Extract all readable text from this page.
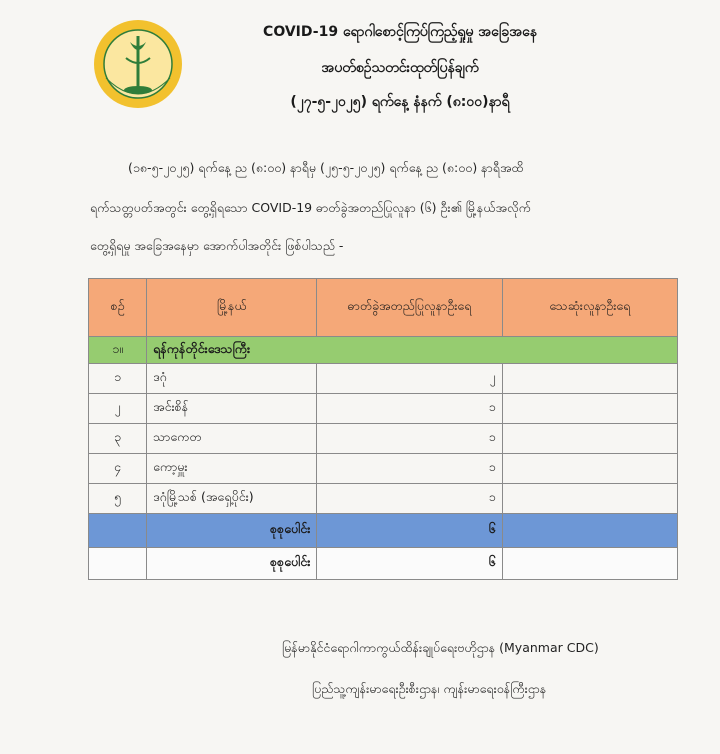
COVID-19 ရောဂါစောင့်ကြပ်ကြည့်ရှုမှု အခြေအနေ
အပတ်စဉ်သတင်းထုတ်ပြန်ချက်
(၂၇-၅-၂၀၂၅) ရက်နေ့ နံနက် (၈:၀၀)နာရီ
(၁၈-၅-၂၀၂၅) ရက်နေ့ ည (၈:၀၀) နာရီမှ (၂၅-၅-၂၀၂၅) ရက်နေ့ ည (၈:၀၀) နာရီအထိ
ရက်သတ္တပတ်အတွင်း တွေ့ရှိရသော COVID-19 ဓာတ်ခွဲအတည်ပြုလူနာ (၆) ဦး၏ မြို့နယ်အလိုက်
တွေ့ရှိရမှု အခြေအနေမှာ အောက်ပါအတိုင်း ဖြစ်ပါသည် -
စဉ်	မြို့နယ်	ဓာတ်ခွဲအတည်ပြုလူနာဦးရေ	သေဆုံးလူနာဦးရေ
၁။	ရန်ကုန်တိုင်းဒေသကြီး		
၁	ဒဂုံ	၂	
၂	အင်းစိန်	၁	
၃	သာကေတ	၁	
၄	ကော့မှူး	၁	
၅	ဒဂုံမြို့သစ် (အရှေ့ပိုင်း)	၁	
	စုစုပေါင်း	၆	
	စုစုပေါင်း	၆	
မြန်မာနိုင်ငံရောဂါကာကွယ်ထိန်းချုပ်ရေးဗဟိုဌာန (Myanmar CDC)
ပြည်သူ့ကျန်းမာရေးဦးစီးဌာန၊ ကျန်းမာရေးဝန်ကြီးဌာန
